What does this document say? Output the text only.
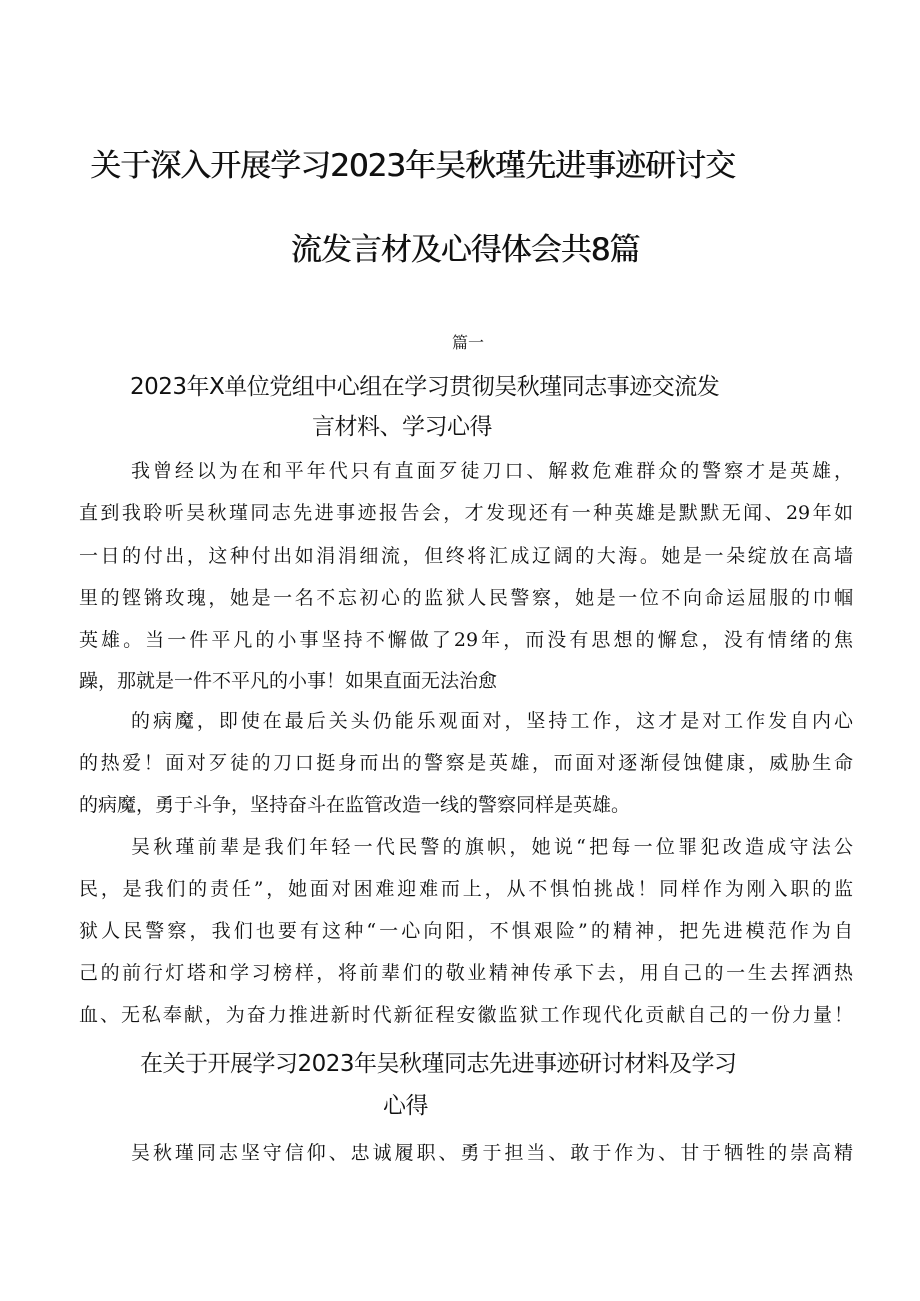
关于深入开展学习2023年吴秋瑾先进事迹研讨交
流发言材及心得体会共8篇
篇一
2023年X单位党组中心组在学习贯彻吴秋瑾同志事迹交流发
言材料、学习心得
我曾经以为在和平年代只有直面歹徒刀口、解救危难群众的警察才是英雄，
直到我聆听吴秋瑾同志先进事迹报告会，才发现还有一种英雄是默默无闻、29年如
一日的付出，这种付出如涓涓细流，但终将汇成辽阔的大海。她是一朵绽放在高墙
里的铿锵玫瑰，她是一名不忘初心的监狱人民警察，她是一位不向命运屈服的巾帼
英雄。当一件平凡的小事坚持不懈做了29年，而没有思想的懈怠，没有情绪的焦
躁，那就是一件不平凡的小事！如果直面无法治愈
的病魔，即使在最后关头仍能乐观面对，坚持工作，这才是对工作发自内心
的热爱！面对歹徒的刀口挺身而出的警察是英雄，而面对逐渐侵蚀健康，威胁生命
的病魔，勇于斗争，坚持奋斗在监管改造一线的警察同样是英雄。
吴秋瑾前辈是我们年轻一代民警的旗帜，她说“把每一位罪犯改造成守法公
民，是我们的责任”，她面对困难迎难而上，从不惧怕挑战！同样作为刚入职的监
狱人民警察，我们也要有这种“一心向阳，不惧艰险”的精神，把先进模范作为自
己的前行灯塔和学习榜样，将前辈们的敬业精神传承下去，用自己的一生去挥洒热
血、无私奉献，为奋力推进新时代新征程安徽监狱工作现代化贡献自己的一份力量！
在关于开展学习2023年吴秋瑾同志先进事迹研讨材料及学习
心得
吴秋瑾同志坚守信仰、忠诚履职、勇于担当、敢于作为、甘于牺牲的崇高精
